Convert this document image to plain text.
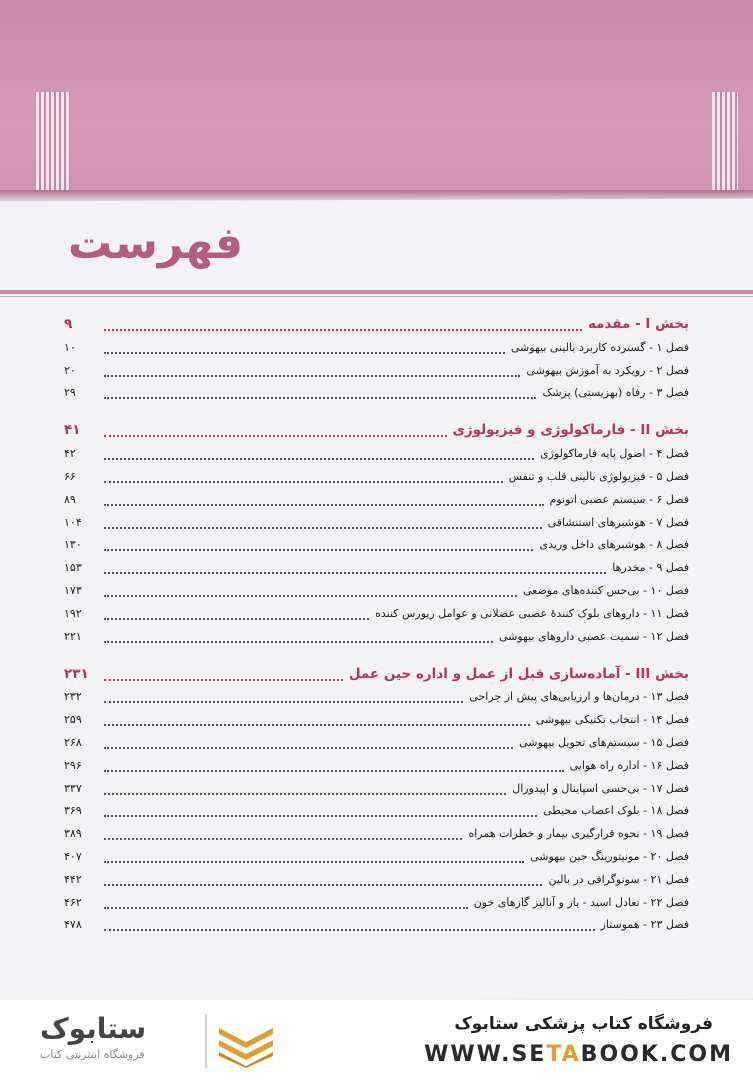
فهرست
بخش I - مقدمه
۹
فصل ۱ - گسترده کاربرد بالینی بیهوشی
۱۰
فصل ۲ - رویکرد به آموزش بیهوشی
۲۰
فصل ۳ - رفاه (بهزیستی) پزشک
۲۹
بخش II - فارماکولوژی و فیزیولوژی
۴۱
فصل ۴ - اصول پایه فارماکولوژی
۴۲
فصل ۵ - فیزیولوژی بالینی قلب و تنفس
۶۶
فصل ۶ - سیستم عصبی اتونوم
۸۹
فصل ۷ - هوشبرهای استنشاقی
۱۰۴
فصل ۸ - هوشبرهای داخل وریدی
۱۳۰
فصل ۹ - مخدرها
۱۵۳
فصل ۱۰ - بی‌حس کننده‌های موضعی
۱۷۳
فصل ۱۱ - داروهای بلوک کنندهٔ عصبی عضلانی و عوامل ریورس کننده
۱۹۲
فصل ۱۲ - سمیت عصبی داروهای بیهوشی
۲۲۱
بخش III - آماده‌سازی قبل از عمل و اداره حین عمل
۲۳۱
فصل ۱۳ - درمان‌ها و ارزیابی‌های پیش از جراحی
۲۳۲
فصل ۱۴ - انتخاب تکنیکی بیهوشی
۲۵۹
فصل ۱۵ - سیستم‌های تحویل بیهوشی
۲۶۸
فصل ۱۶ - اداره راه هوایی
۲۹۶
فصل ۱۷ - بی‌حسی اسپاینال و اپیدورال
۳۳۷
فصل ۱۸ - بلوک اعصاب محیطی
۳۶۹
فصل ۱۹ - نحوه قرارگیری بیمار و خطرات همراه
۳۸۹
فصل ۲۰ - مونیتورینگ حین بیهوشی
۴۰۷
فصل ۲۱ - سونوگرافی در بالین
۴۴۲
فصل ۲۲ - تعادل اسید - باز و آنالیز گازهای خون
۴۶۲
فصل ۲۳ - هموستاز
۴۷۸
فروشگاه کتاب پزشکی ستابوک
WWW.SETABOOK.COM
ستابوک
فروشگاه اینترنتی کتاب
